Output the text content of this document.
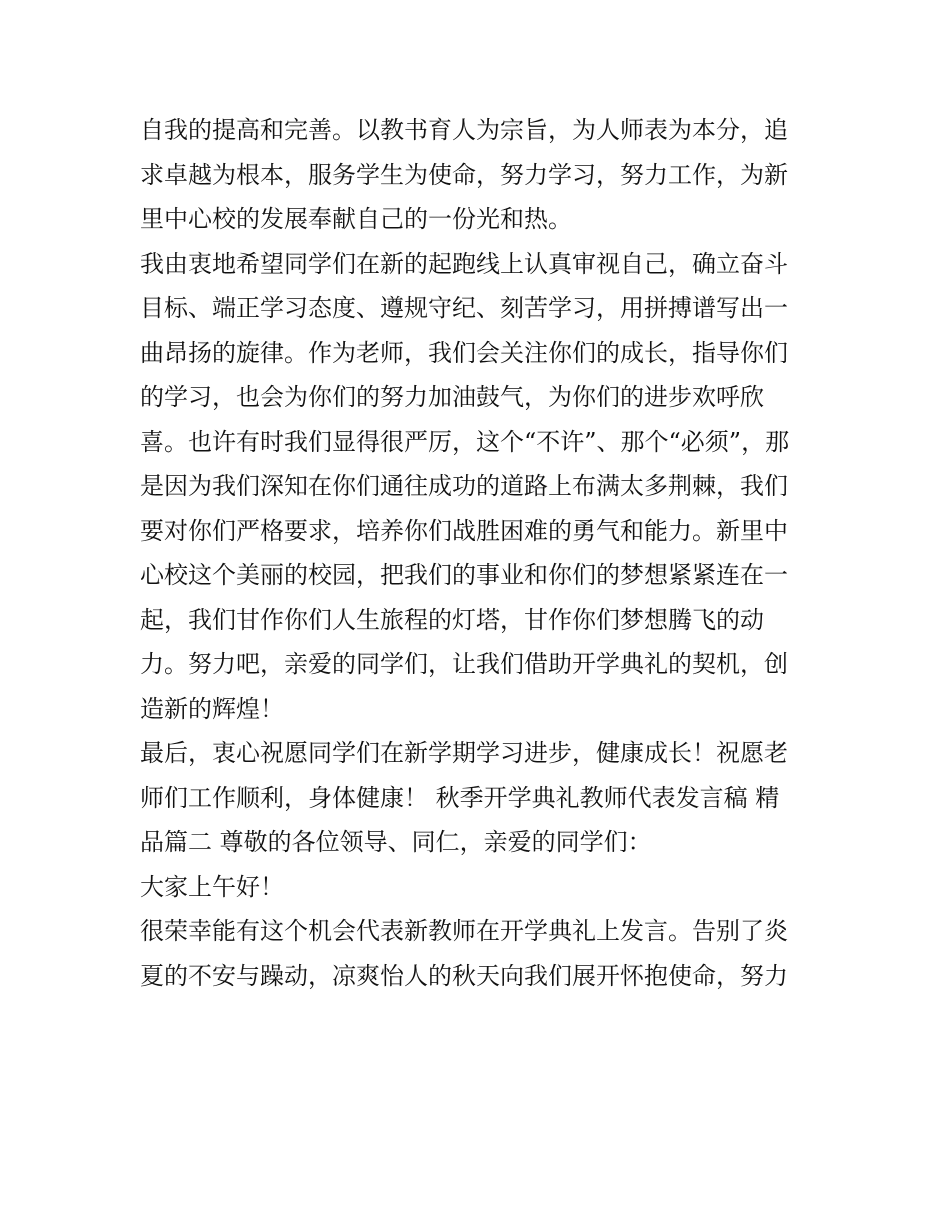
自我的提高和完善。以教书育人为宗旨，为人师表为本分，追
求卓越为根本，服务学生为使命，努力学习，努力工作，为新
里中心校的发展奉献自己的一份光和热。
我由衷地希望同学们在新的起跑线上认真审视自己，确立奋斗
目标、端正学习态度、遵规守纪、刻苦学习，用拼搏谱写出一
曲昂扬的旋律。作为老师，我们会关注你们的成长，指导你们
的学习，也会为你们的努力加油鼓气，为你们的进步欢呼欣
喜。也许有时我们显得很严厉，这个“不许”、那个“必须”，那
是因为我们深知在你们通往成功的道路上布满太多荆棘，我们
要对你们严格要求，培养你们战胜困难的勇气和能力。新里中
心校这个美丽的校园，把我们的事业和你们的梦想紧紧连在一
起，我们甘作你们人生旅程的灯塔，甘作你们梦想腾飞的动
力。努力吧，亲爱的同学们，让我们借助开学典礼的契机，创
造新的辉煌！
最后，衷心祝愿同学们在新学期学习进步，健康成长！祝愿老
师们工作顺利，身体健康！ 秋季开学典礼教师代表发言稿 精
品篇二 尊敬的各位领导、同仁，亲爱的同学们：
大家上午好！
很荣幸能有这个机会代表新教师在开学典礼上发言。告别了炎
夏的不安与躁动，凉爽怡人的秋天向我们展开怀抱使命，努力
